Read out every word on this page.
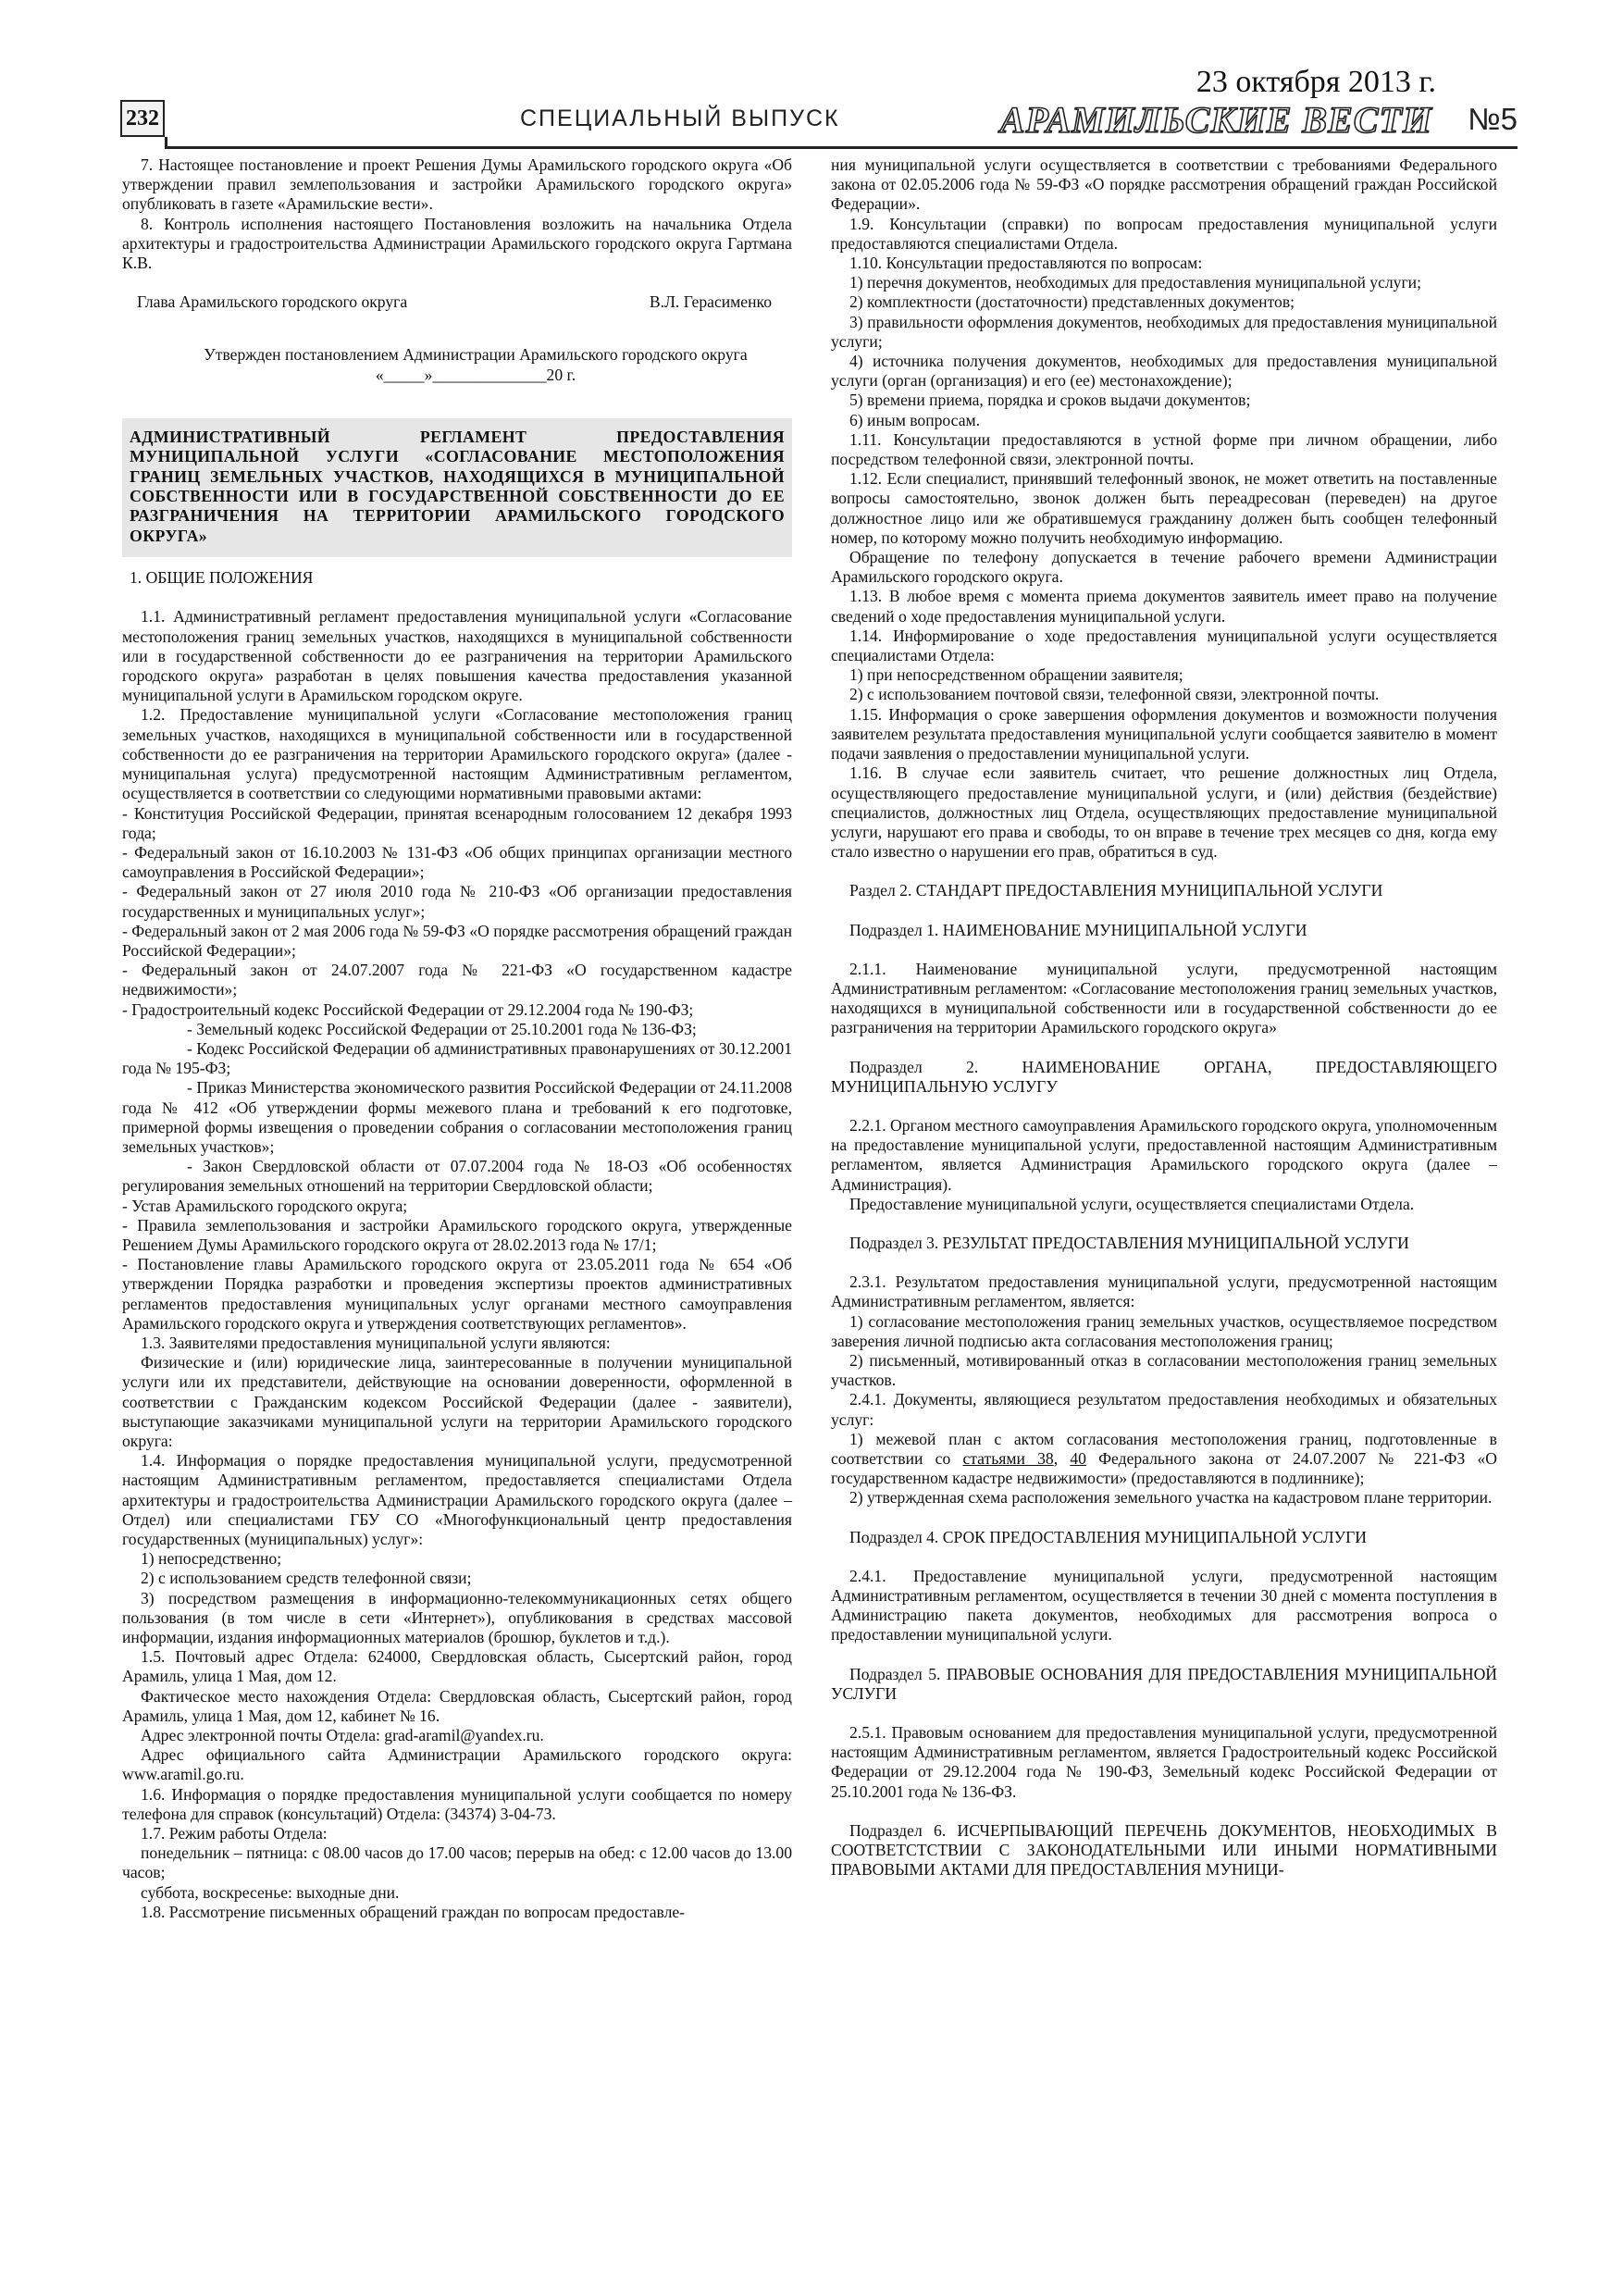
232	СПЕЦИАЛЬНЫЙ ВЫПУСК
23 октября 2013 г.
АРАМИЛЬСКИЕ ВЕСТИ №5

7. Настоящее постановление и проект Решения Думы Арамильского городского округа «Об утверждении правил землепользования и застройки Арамильского городского округа» опубликовать в газете «Арамильские вести».

8. Контроль исполнения настоящего Постановления возложить на начальника Отдела архитектуры и градостроительства Администрации Арамильского городского округа Гартмана К.В.

Глава Арамильского городского округа	В.Л. Герасименко
Утвержден постановлением Администрации Арамильского городского округа
«_____»______________20 г.
АДМИНИСТРАТИВНЫЙ РЕГЛАМЕНТ ПРЕДОСТАВЛЕНИЯ МУНИЦИПАЛЬНОЙ УСЛУГИ «СОГЛАСОВАНИЕ МЕСТОПОЛОЖЕНИЯ ГРАНИЦ ЗЕМЕЛЬНЫХ УЧАСТКОВ, НАХОДЯЩИХСЯ В МУНИЦИПАЛЬНОЙ СОБСТВЕННОСТИ ИЛИ В ГОСУДАРСТВЕННОЙ СОБСТВЕННОСТИ ДО ЕЕ РАЗГРАНИЧЕНИЯ НА ТЕРРИТОРИИ АРАМИЛЬСКОГО ГОРОДСКОГО ОКРУГА»

1. ОБЩИЕ ПОЛОЖЕНИЯ

1.1. Административный регламент предоставления муниципальной услуги «Согласование местоположения границ земельных участков, находящихся в муниципальной собственности или в государственной собственности до ее разграничения на территории Арамильского городского округа» разработан в целях повышения качества предоставления указанной муниципальной услуги в Арамильском городском округе.

1.2. Предоставление муниципальной услуги «Согласование местоположения границ земельных участков, находящихся в муниципальной собственности или в государственной собственности до ее разграничения на территории Арамильского городского округа» (далее - муниципальная услуга) предусмотренной настоящим Административным регламентом, осуществляется в соответствии со следующими нормативными правовыми актами:

- Конституция Российской Федерации, принятая всенародным голосованием 12 декабря 1993 года;

- Федеральный закон от 16.10.2003 № 131-ФЗ «Об общих принципах организации местного самоуправления в Российской Федерации»;

- Федеральный закон от 27 июля 2010 года № 210-ФЗ «Об организации предоставления государственных и муниципальных услуг»;

- Федеральный закон от 2 мая 2006 года № 59-ФЗ «О порядке рассмотрения обращений граждан Российской Федерации»;

- Федеральный закон от 24.07.2007 года № 221-ФЗ «О государственном кадастре недвижимости»;

- Градостроительный кодекс Российской Федерации от 29.12.2004 года № 190-ФЗ;

- Земельный кодекс Российской Федерации от 25.10.2001 года № 136-ФЗ;

- Кодекс Российской Федерации об административных правонарушениях от 30.12.2001 года № 195-ФЗ;

- Приказ Министерства экономического развития Российской Федерации от 24.11.2008 года № 412 «Об утверждении формы межевого плана и требований к его подготовке, примерной формы извещения о проведении собрания о согласовании местоположения границ земельных участков»;

- Закон Свердловской области от 07.07.2004 года № 18-ОЗ «Об особенностях регулирования земельных отношений на территории Свердловской области;

- Устав Арамильского городского округа;

- Правила землепользования и застройки Арамильского городского округа, утвержденные Решением Думы Арамильского городского округа от 28.02.2013 года № 17/1;

- Постановление главы Арамильского городского округа от 23.05.2011 года № 654 «Об утверждении Порядка разработки и проведения экспертизы проектов административных регламентов предоставления муниципальных услуг органами местного самоуправления Арамильского городского округа и утверждения соответствующих регламентов».

1.3. Заявителями предоставления муниципальной услуги являются:

Физические и (или) юридические лица, заинтересованные в получении муниципальной услуги или их представители, действующие на основании доверенности, оформленной в соответствии с Гражданским кодексом Российской Федерации (далее - заявители), выступающие заказчиками муниципальной услуги на территории Арамильского городского округа:

1.4. Информация о порядке предоставления муниципальной услуги, предусмотренной настоящим Административным регламентом, предоставляется специалистами Отдела архитектуры и градостроительства Администрации Арамильского городского округа (далее – Отдел) или специалистами ГБУ СО «Многофункциональный центр предоставления государственных (муниципальных) услуг»:

1) непосредственно;

2) с использованием средств телефонной связи;

3) посредством размещения в информационно-телекоммуникационных сетях общего пользования (в том числе в сети «Интернет»), опубликования в средствах массовой информации, издания информационных материалов (брошюр, буклетов и т.д.).

1.5. Почтовый адрес Отдела: 624000, Свердловская область, Сысертский район, город Арамиль, улица 1 Мая, дом 12.

Фактическое место нахождения Отдела: Свердловская область, Сысертский район, город Арамиль, улица 1 Мая, дом 12, кабинет № 16.

Адрес электронной почты Отдела: grad-aramil@yandex.ru.

Адрес официального сайта Администрации Арамильского городского округа: www.aramil.go.ru.

1.6. Информация о порядке предоставления муниципальной услуги сообщается по номеру телефона для справок (консультаций) Отдела: (34374) 3-04-73.

1.7. Режим работы Отдела:

понедельник – пятница: с 08.00 часов до 17.00 часов; перерыв на обед: с 12.00 часов до 13.00 часов;

суббота, воскресенье: выходные дни.

1.8. Рассмотрение письменных обращений граждан по вопросам предоставле-

ния муниципальной услуги осуществляется в соответствии с требованиями Федерального закона от 02.05.2006 года № 59-ФЗ «О порядке рассмотрения обращений граждан Российской Федерации».

1.9. Консультации (справки) по вопросам предоставления муниципальной услуги предоставляются специалистами Отдела.

1.10. Консультации предоставляются по вопросам:

1) перечня документов, необходимых для предоставления муниципальной услуги;

2) комплектности (достаточности) представленных документов;

3) правильности оформления документов, необходимых для предоставления муниципальной услуги;

4) источника получения документов, необходимых для предоставления муниципальной услуги (орган (организация) и его (ее) местонахождение);

5) времени приема, порядка и сроков выдачи документов;

6) иным вопросам.

1.11. Консультации предоставляются в устной форме при личном обращении, либо посредством телефонной связи, электронной почты.

1.12. Если специалист, принявший телефонный звонок, не может ответить на поставленные вопросы самостоятельно, звонок должен быть переадресован (переведен) на другое должностное лицо или же обратившемуся гражданину должен быть сообщен телефонный номер, по которому можно получить необходимую информацию.

Обращение по телефону допускается в течение рабочего времени Администрации Арамильского городского округа.

1.13. В любое время с момента приема документов заявитель имеет право на получение сведений о ходе предоставления муниципальной услуги.

1.14. Информирование о ходе предоставления муниципальной услуги осуществляется специалистами Отдела:

1) при непосредственном обращении заявителя;

2) с использованием почтовой связи, телефонной связи, электронной почты.

1.15. Информация о сроке завершения оформления документов и возможности получения заявителем результата предоставления муниципальной услуги сообщается заявителю в момент подачи заявления о предоставлении муниципальной услуги.

1.16. В случае если заявитель считает, что решение должностных лиц Отдела, осуществляющего предоставление муниципальной услуги, и (или) действия (бездействие) специалистов, должностных лиц Отдела, осуществляющих предоставление муниципальной услуги, нарушают его права и свободы, то он вправе в течение трех месяцев со дня, когда ему стало известно о нарушении его прав, обратиться в суд.

Раздел 2. СТАНДАРТ ПРЕДОСТАВЛЕНИЯ МУНИЦИПАЛЬНОЙ УСЛУГИ

Подраздел 1. НАИМЕНОВАНИЕ МУНИЦИПАЛЬНОЙ УСЛУГИ

2.1.1. Наименование муниципальной услуги, предусмотренной настоящим Административным регламентом: «Согласование местоположения границ земельных участков, находящихся в муниципальной собственности или в государственной собственности до ее разграничения на территории Арамильского городского округа»

Подраздел 2. НАИМЕНОВАНИЕ ОРГАНА, ПРЕДОСТАВЛЯЮЩЕГО МУНИЦИПАЛЬНУЮ УСЛУГУ

2.2.1. Органом местного самоуправления Арамильского городского округа, уполномоченным на предоставление муниципальной услуги, предоставленной настоящим Административным регламентом, является Администрация Арамильского городского округа (далее – Администрация).

Предоставление муниципальной услуги, осуществляется специалистами Отдела.

Подраздел 3. РЕЗУЛЬТАТ ПРЕДОСТАВЛЕНИЯ МУНИЦИПАЛЬНОЙ УСЛУГИ

2.3.1. Результатом предоставления муниципальной услуги, предусмотренной настоящим Административным регламентом, является:

1) согласование местоположения границ земельных участков, осуществляемое посредством заверения личной подписью акта согласования местоположения границ;

2) письменный, мотивированный отказ в согласовании местоположения границ земельных участков.

2.4.1. Документы, являющиеся результатом предоставления необходимых и обязательных услуг:

1) межевой план с актом согласования местоположения границ, подготовленные в соответствии со статьями 38, 40 Федерального закона от 24.07.2007 № 221-ФЗ «О государственном кадастре недвижимости» (предоставляются в подлиннике);

2) утвержденная схема расположения земельного участка на кадастровом плане территории.

Подраздел 4. СРОК ПРЕДОСТАВЛЕНИЯ МУНИЦИПАЛЬНОЙ УСЛУГИ

2.4.1. Предоставление муниципальной услуги, предусмотренной настоящим Административным регламентом, осуществляется в течении 30 дней с момента поступления в Администрацию пакета документов, необходимых для рассмотрения вопроса о предоставлении муниципальной услуги.

Подраздел 5. ПРАВОВЫЕ ОСНОВАНИЯ ДЛЯ ПРЕДОСТАВЛЕНИЯ МУНИЦИПАЛЬНОЙ УСЛУГИ

2.5.1. Правовым основанием для предоставления муниципальной услуги, предусмотренной настоящим Административным регламентом, является Градостроительный кодекс Российской Федерации от 29.12.2004 года № 190-ФЗ, Земельный кодекс Российской Федерации от 25.10.2001 года № 136-ФЗ.

Подраздел 6. ИСЧЕРПЫВАЮЩИЙ ПЕРЕЧЕНЬ ДОКУМЕНТОВ, НЕОБХОДИМЫХ В СООТВЕТСТСТВИИ С ЗАКОНОДАТЕЛЬНЫМИ ИЛИ ИНЫМИ НОРМАТИВНЫМИ ПРАВОВЫМИ АКТАМИ ДЛЯ ПРЕДОСТАВЛЕНИЯ МУНИЦИ-
